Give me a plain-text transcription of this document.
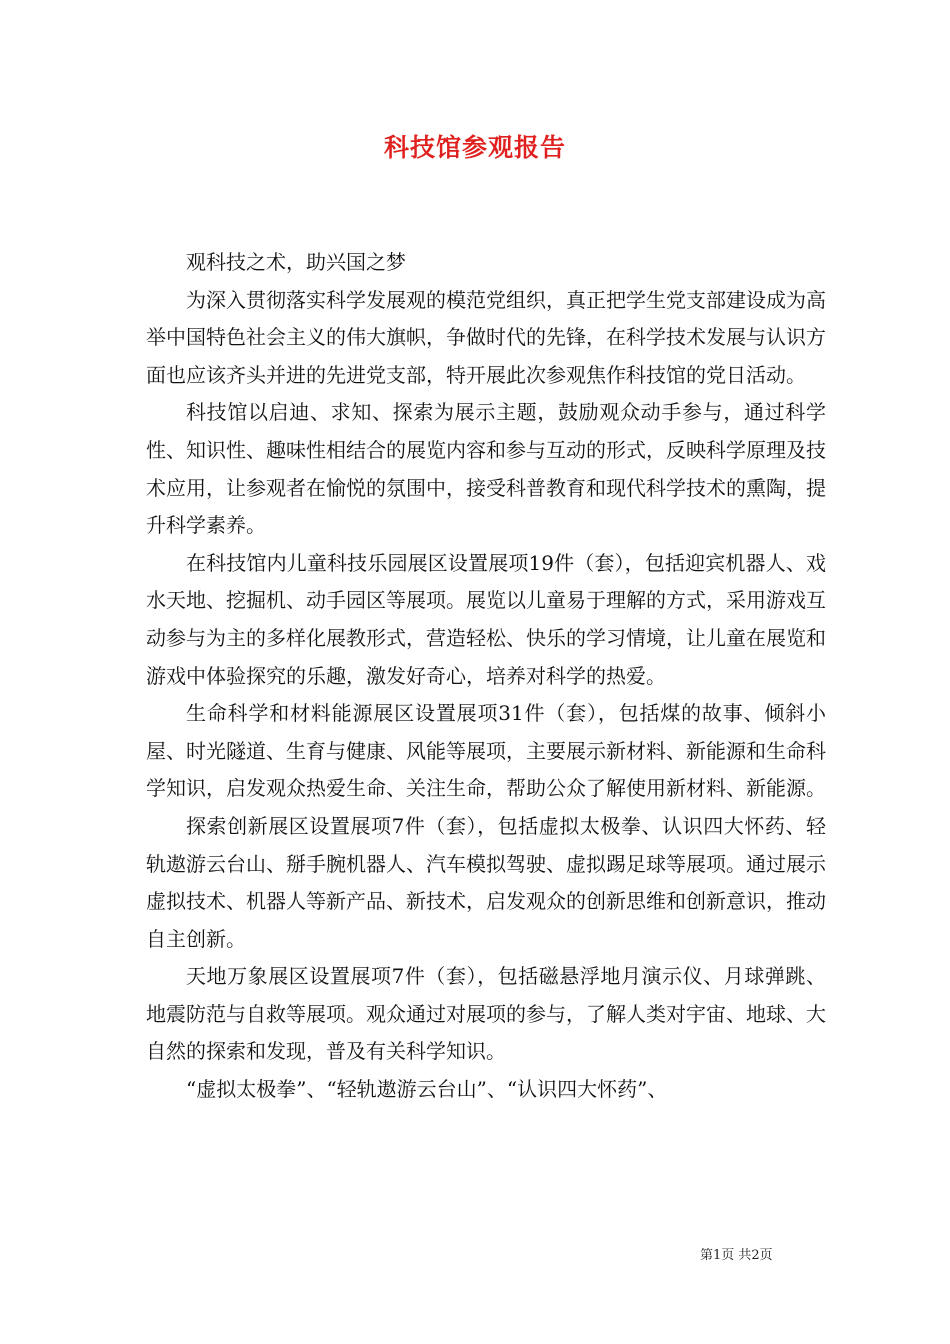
科技馆参观报告

观科技之术，助兴国之梦

为深入贯彻落实科学发展观的模范党组织，真正把学生党支部建设成为高举中国特色社会主义的伟大旗帜，争做时代的先锋，在科学技术发展与认识方面也应该齐头并进的先进党支部，特开展此次参观焦作科技馆的党日活动。

科技馆以启迪、求知、探索为展示主题，鼓励观众动手参与，通过科学性、知识性、趣味性相结合的展览内容和参与互动的形式，反映科学原理及技术应用，让参观者在愉悦的氛围中，接受科普教育和现代科学技术的熏陶，提升科学素养。

在科技馆内儿童科技乐园展区设置展项19件（套），包括迎宾机器人、戏水天地、挖掘机、动手园区等展项。展览以儿童易于理解的方式，采用游戏互动参与为主的多样化展教形式，营造轻松、快乐的学习情境，让儿童在展览和游戏中体验探究的乐趣，激发好奇心，培养对科学的热爱。

生命科学和材料能源展区设置展项31件（套），包括煤的故事、倾斜小屋、时光隧道、生育与健康、风能等展项，主要展示新材料、新能源和生命科学知识，启发观众热爱生命、关注生命，帮助公众了解使用新材料、新能源。

探索创新展区设置展项7件（套），包括虚拟太极拳、认识四大怀药、轻轨遨游云台山、掰手腕机器人、汽车模拟驾驶、虚拟踢足球等展项。通过展示虚拟技术、机器人等新产品、新技术，启发观众的创新思维和创新意识，推动自主创新。

天地万象展区设置展项7件（套），包括磁悬浮地月演示仪、月球弹跳、地震防范与自救等展项。观众通过对展项的参与，了解人类对宇宙、地球、大自然的探索和发现，普及有关科学知识。

“虚拟太极拳”、“轻轨遨游云台山”、“认识四大怀药”、

第1页 共2页
